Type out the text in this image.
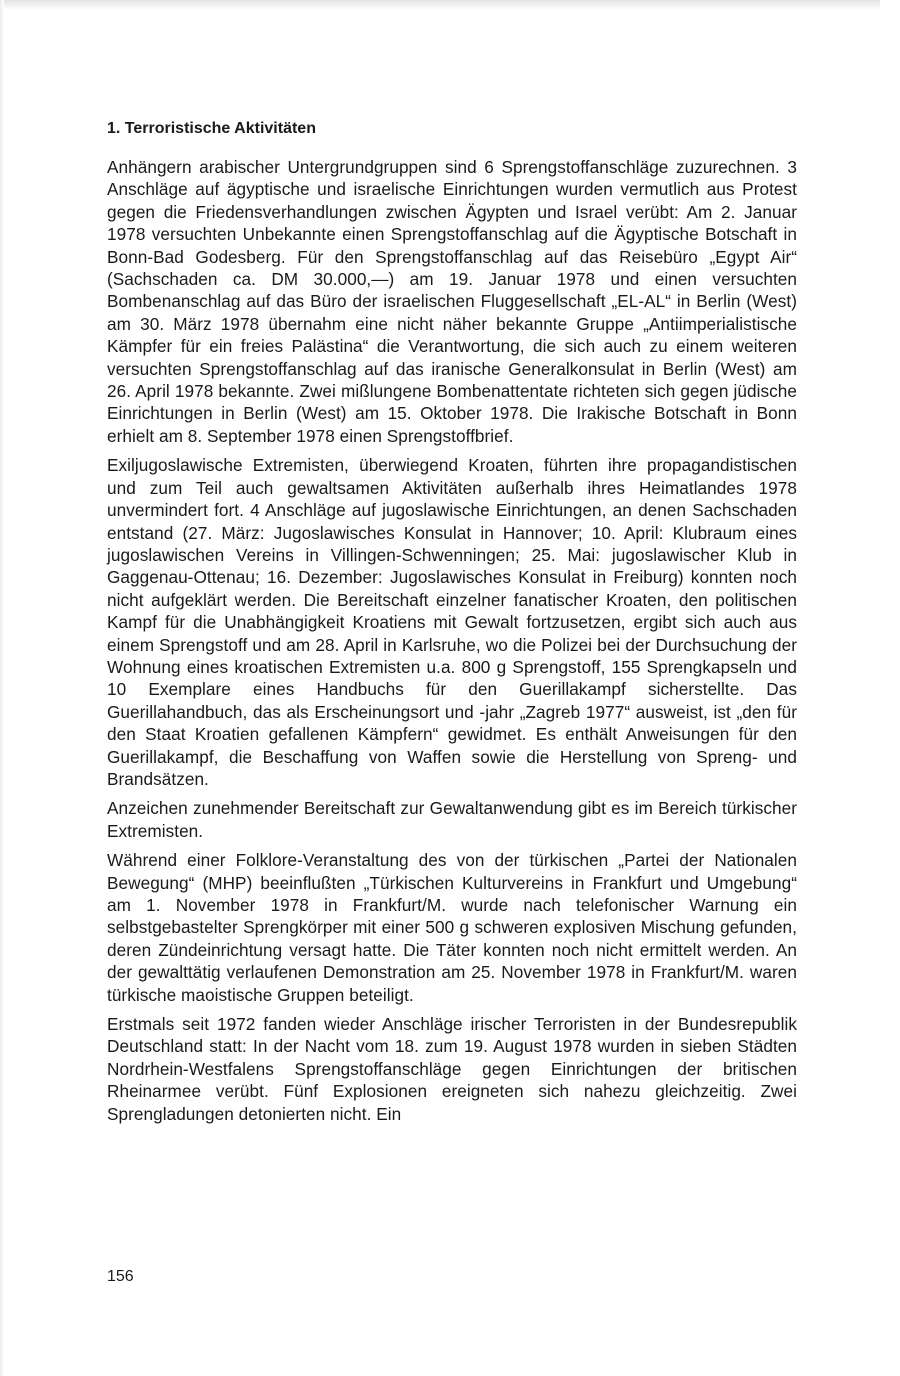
1. Terroristische Aktivitäten

Anhängern arabischer Untergrundgruppen sind 6 Sprengstoffanschläge zuzurechnen. 3 Anschläge auf ägyptische und israelische Einrichtungen wurden vermutlich aus Protest gegen die Friedensverhandlungen zwischen Ägypten und Israel verübt: Am 2. Januar 1978 versuchten Unbekannte einen Sprengstoffanschlag auf die Ägyptische Botschaft in Bonn-Bad Godesberg. Für den Sprengstoffanschlag auf das Reisebüro „Egypt Air“ (Sachschaden ca. DM 30.000,—) am 19. Januar 1978 und einen versuchten Bombenanschlag auf das Büro der israelischen Fluggesellschaft „EL-AL“ in Berlin (West) am 30. März 1978 übernahm eine nicht näher bekannte Gruppe „Antiimperialistische Kämpfer für ein freies Palästina“ die Verantwortung, die sich auch zu einem weiteren versuchten Sprengstoffanschlag auf das iranische Generalkonsulat in Berlin (West) am 26. April 1978 bekannte. Zwei mißlungene Bombenattentate richteten sich gegen jüdische Einrichtungen in Berlin (West) am 15. Oktober 1978. Die Irakische Botschaft in Bonn erhielt am 8. September 1978 einen Sprengstoffbrief.

Exiljugoslawische Extremisten, überwiegend Kroaten, führten ihre propagandistischen und zum Teil auch gewaltsamen Aktivitäten außerhalb ihres Heimatlandes 1978 unvermindert fort. 4 Anschläge auf jugoslawische Einrichtungen, an denen Sachschaden entstand (27. März: Jugoslawisches Konsulat in Hannover; 10. April: Klubraum eines jugoslawischen Vereins in Villingen-Schwenningen; 25. Mai: jugoslawischer Klub in Gaggenau-Ottenau; 16. Dezember: Jugoslawisches Konsulat in Freiburg) konnten noch nicht aufgeklärt werden. Die Bereitschaft einzelner fanatischer Kroaten, den politischen Kampf für die Unabhängigkeit Kroatiens mit Gewalt fortzusetzen, ergibt sich auch aus einem Sprengstoff und am 28. April in Karlsruhe, wo die Polizei bei der Durchsuchung der Wohnung eines kroatischen Extremisten u.a. 800 g Sprengstoff, 155 Sprengkapseln und 10 Exemplare eines Handbuchs für den Guerillakampf sicherstellte. Das Guerillahandbuch, das als Erscheinungsort und -jahr „Zagreb 1977“ ausweist, ist „den für den Staat Kroatien gefallenen Kämpfern“ gewidmet. Es enthält Anweisungen für den Guerillakampf, die Beschaffung von Waffen sowie die Herstellung von Spreng- und Brandsätzen.

Anzeichen zunehmender Bereitschaft zur Gewaltanwendung gibt es im Bereich türkischer Extremisten.

Während einer Folklore-Veranstaltung des von der türkischen „Partei der Nationalen Bewegung“ (MHP) beeinflußten „Türkischen Kulturvereins in Frankfurt und Umgebung“ am 1. November 1978 in Frankfurt/M. wurde nach telefonischer Warnung ein selbstgebastelter Sprengkörper mit einer 500 g schweren explosiven Mischung gefunden, deren Zündeinrichtung versagt hatte. Die Täter konnten noch nicht ermittelt werden. An der gewalttätig verlaufenen Demonstration am 25. November 1978 in Frankfurt/M. waren türkische maoistische Gruppen beteiligt.

Erstmals seit 1972 fanden wieder Anschläge irischer Terroristen in der Bundesrepublik Deutschland statt: In der Nacht vom 18. zum 19. August 1978 wurden in sieben Städten Nordrhein-Westfalens Sprengstoffanschläge gegen Einrichtungen der britischen Rheinarmee verübt. Fünf Explosionen ereigneten sich nahezu gleichzeitig. Zwei Sprengladungen detonierten nicht. Ein

156
